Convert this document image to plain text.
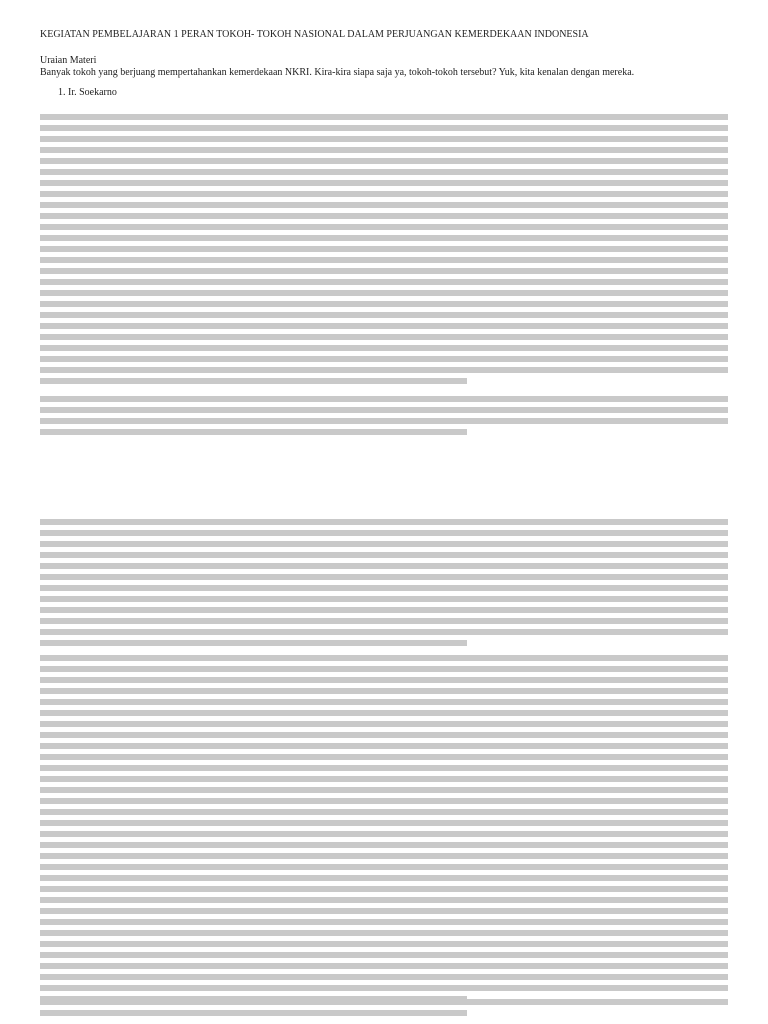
KEGIATAN PEMBELAJARAN 1 PERAN TOKOH- TOKOH NASIONAL DALAM PERJUANGAN KEMERDEKAAN INDONESIA
Uraian Materi
Banyak tokoh yang berjuang mempertahankan kemerdekaan NKRI. Kira-kira siapa saja ya, tokoh-tokoh tersebut? Yuk, kita kenalan dengan mereka.
1. Ir. Soekarno
